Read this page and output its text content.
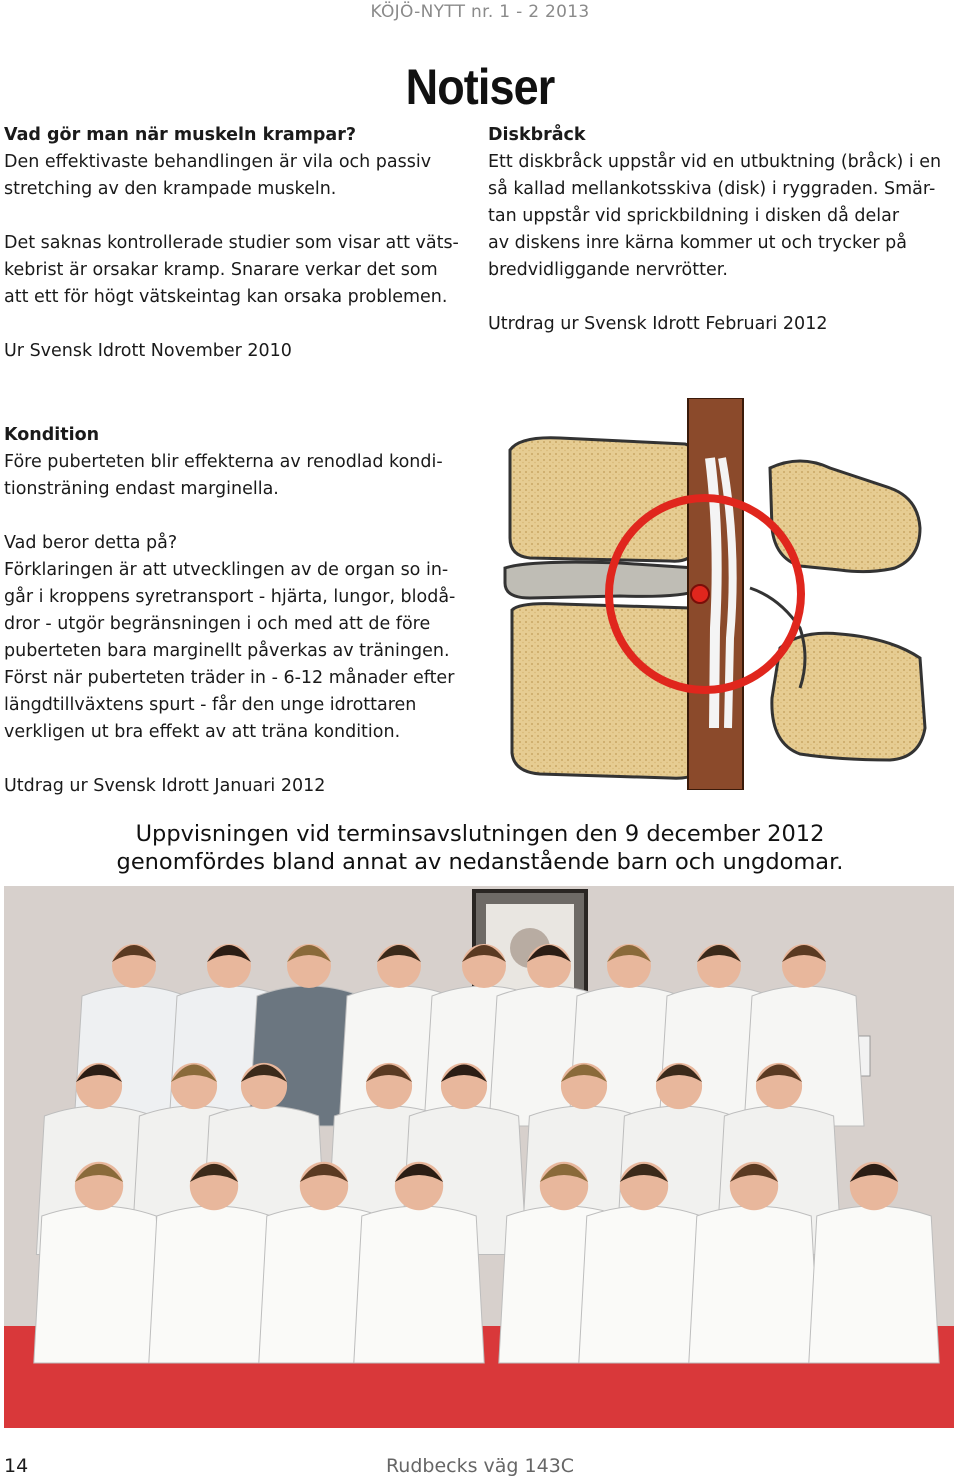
KÖJÖ-NYTT nr. 1 - 2 2013
Notiser

Vad gör man när muskeln krampar?

Den effektivaste behandlingen är vila och passiv

stretching av den krampade muskeln.

Det saknas kontrollerade studier som visar att väts-

kebrist är orsakar kramp. Snarare verkar det som

att ett för högt vätskeintag kan orsaka problemen.

Ur Svensk Idrott November 2010

Diskbråck

Ett diskbråck uppstår vid en utbuktning (bråck) i en

så kallad mellankotsskiva (disk) i ryggraden. Smär-

tan uppstår vid sprickbildning i disken då delar

av diskens inre kärna kommer ut och trycker på

bredvidliggande nervrötter.

Utrdrag ur Svensk Idrott Februari 2012

Kondition

Före puberteten blir effekterna av renodlad kondi-

tionsträning endast marginella.

Vad beror detta på?

Förklaringen är att utvecklingen av de organ so in-

går i kroppens syretransport - hjärta, lungor, blodå-

dror - utgör begränsningen i och med att de före

puberteten bara marginellt påverkas av träningen.

Först när puberteten träder in - 6-12 månader efter

längdtillväxtens spurt - får den unge idrottaren

verkligen ut bra effekt av att träna kondition.

Utdrag ur Svensk Idrott Januari 2012

Uppvisningen vid terminsavslutningen den 9 december 2012
genomfördes bland annat av nedanstående barn och ungdomar.
14	Rudbecks väg 143C
